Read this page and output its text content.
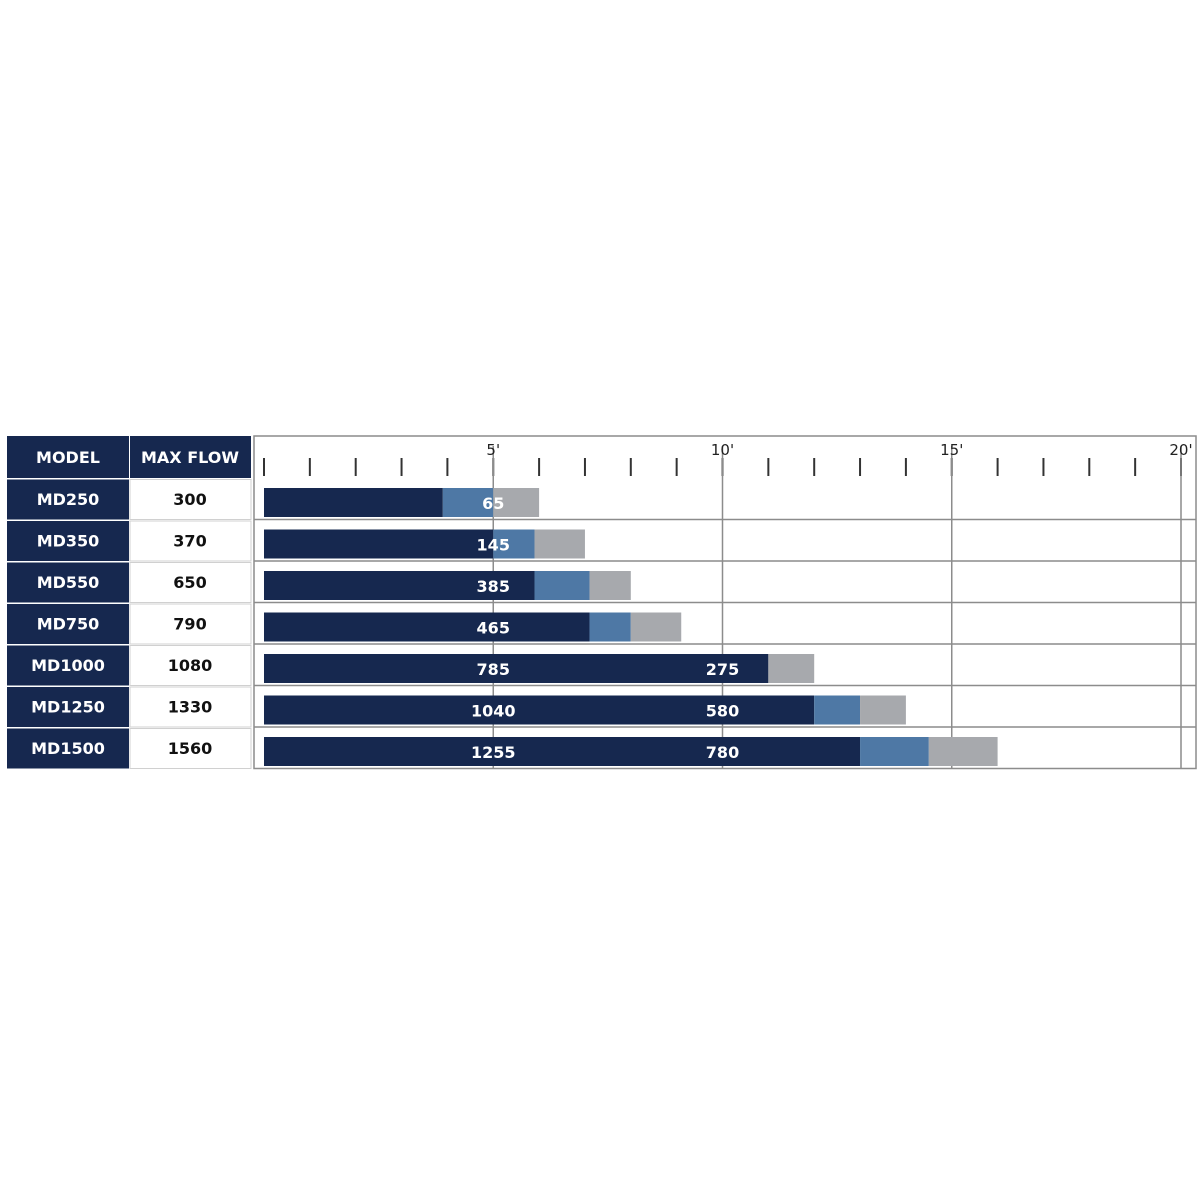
MODEL	MAX FLOW
MD250	300
MD350	370
MD550	650
MD750	790
MD1000	1080
MD1250	1330
MD1500	1560
5'	10'	15'	20'
65
145
385
465
785	275
1040	580
1255	780
